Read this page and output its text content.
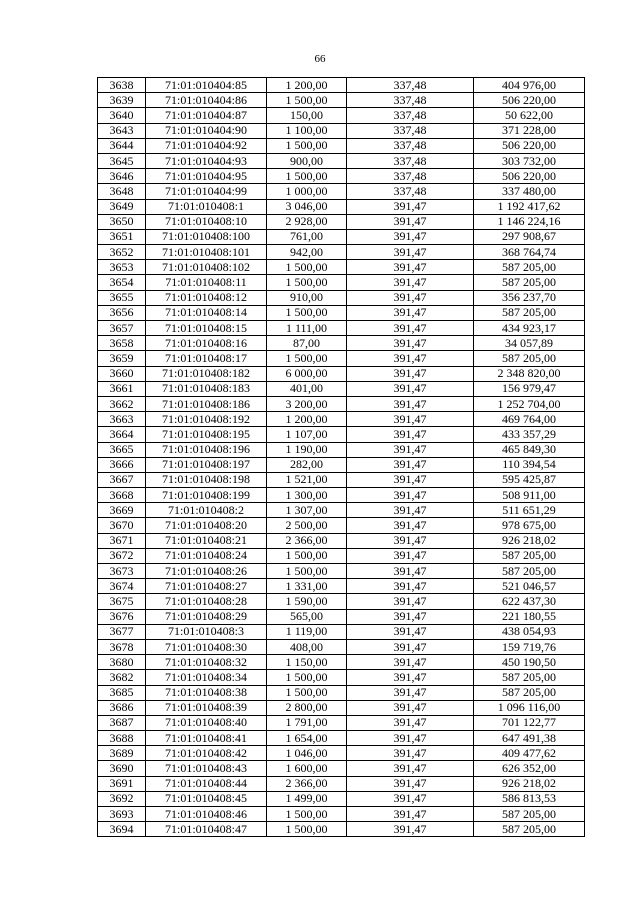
66
3638	71:01:010404:85	1 200,00	337,48	404 976,00
3639	71:01:010404:86	1 500,00	337,48	506 220,00
3640	71:01:010404:87	150,00	337,48	50 622,00
3643	71:01:010404:90	1 100,00	337,48	371 228,00
3644	71:01:010404:92	1 500,00	337,48	506 220,00
3645	71:01:010404:93	900,00	337,48	303 732,00
3646	71:01:010404:95	1 500,00	337,48	506 220,00
3648	71:01:010404:99	1 000,00	337,48	337 480,00
3649	71:01:010408:1	3 046,00	391,47	1 192 417,62
3650	71:01:010408:10	2 928,00	391,47	1 146 224,16
3651	71:01:010408:100	761,00	391,47	297 908,67
3652	71:01:010408:101	942,00	391,47	368 764,74
3653	71:01:010408:102	1 500,00	391,47	587 205,00
3654	71:01:010408:11	1 500,00	391,47	587 205,00
3655	71:01:010408:12	910,00	391,47	356 237,70
3656	71:01:010408:14	1 500,00	391,47	587 205,00
3657	71:01:010408:15	1 111,00	391,47	434 923,17
3658	71:01:010408:16	87,00	391,47	34 057,89
3659	71:01:010408:17	1 500,00	391,47	587 205,00
3660	71:01:010408:182	6 000,00	391,47	2 348 820,00
3661	71:01:010408:183	401,00	391,47	156 979,47
3662	71:01:010408:186	3 200,00	391,47	1 252 704,00
3663	71:01:010408:192	1 200,00	391,47	469 764,00
3664	71:01:010408:195	1 107,00	391,47	433 357,29
3665	71:01:010408:196	1 190,00	391,47	465 849,30
3666	71:01:010408:197	282,00	391,47	110 394,54
3667	71:01:010408:198	1 521,00	391,47	595 425,87
3668	71:01:010408:199	1 300,00	391,47	508 911,00
3669	71:01:010408:2	1 307,00	391,47	511 651,29
3670	71:01:010408:20	2 500,00	391,47	978 675,00
3671	71:01:010408:21	2 366,00	391,47	926 218,02
3672	71:01:010408:24	1 500,00	391,47	587 205,00
3673	71:01:010408:26	1 500,00	391,47	587 205,00
3674	71:01:010408:27	1 331,00	391,47	521 046,57
3675	71:01:010408:28	1 590,00	391,47	622 437,30
3676	71:01:010408:29	565,00	391,47	221 180,55
3677	71:01:010408:3	1 119,00	391,47	438 054,93
3678	71:01:010408:30	408,00	391,47	159 719,76
3680	71:01:010408:32	1 150,00	391,47	450 190,50
3682	71:01:010408:34	1 500,00	391,47	587 205,00
3685	71:01:010408:38	1 500,00	391,47	587 205,00
3686	71:01:010408:39	2 800,00	391,47	1 096 116,00
3687	71:01:010408:40	1 791,00	391,47	701 122,77
3688	71:01:010408:41	1 654,00	391,47	647 491,38
3689	71:01:010408:42	1 046,00	391,47	409 477,62
3690	71:01:010408:43	1 600,00	391,47	626 352,00
3691	71:01:010408:44	2 366,00	391,47	926 218,02
3692	71:01:010408:45	1 499,00	391,47	586 813,53
3693	71:01:010408:46	1 500,00	391,47	587 205,00
3694	71:01:010408:47	1 500,00	391,47	587 205,00
